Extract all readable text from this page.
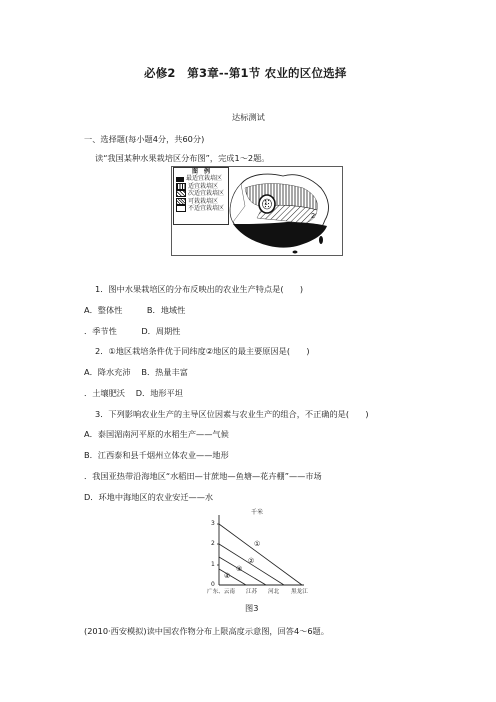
必修2　第3章--第1节 农业的区位选择
达标测试
一、选择题(每小题4分，共60分)
读“我国某种水果栽培区分布图”，完成1～2题。
2
图　例
最适宜栽培区
适宜栽培区
次适宜栽培区
可栽栽培区
不适宜栽培区
1
1．图中水果栽培区的分布反映出的农业生产特点是(　　)
A．整体性　　　B．地域性
．季节性　　　D．周期性
2．①地区栽培条件优于同纬度②地区的最主要原因是(　　)
A．降水充沛　 B．热量丰富
．土壤肥沃　 D．地形平坦
3．下列影响农业生产的主导区位因素与农业生产的组合，不正确的是(　　)
A．泰国湄南河平原的水稻生产——气候
B．江西泰和县千烟州立体农业——地形
．我国亚热带沿海地区“水稻田—甘蔗地—鱼塘—花卉棚”——市场
D．环地中海地区的农业安迁——水
千米
3
2
1
0
①
②
③
④
广东、云南 江苏 河北 黑龙江
图3
(2010·西安模拟)读中国农作物分布上限高度示意图，回答4～6题。
